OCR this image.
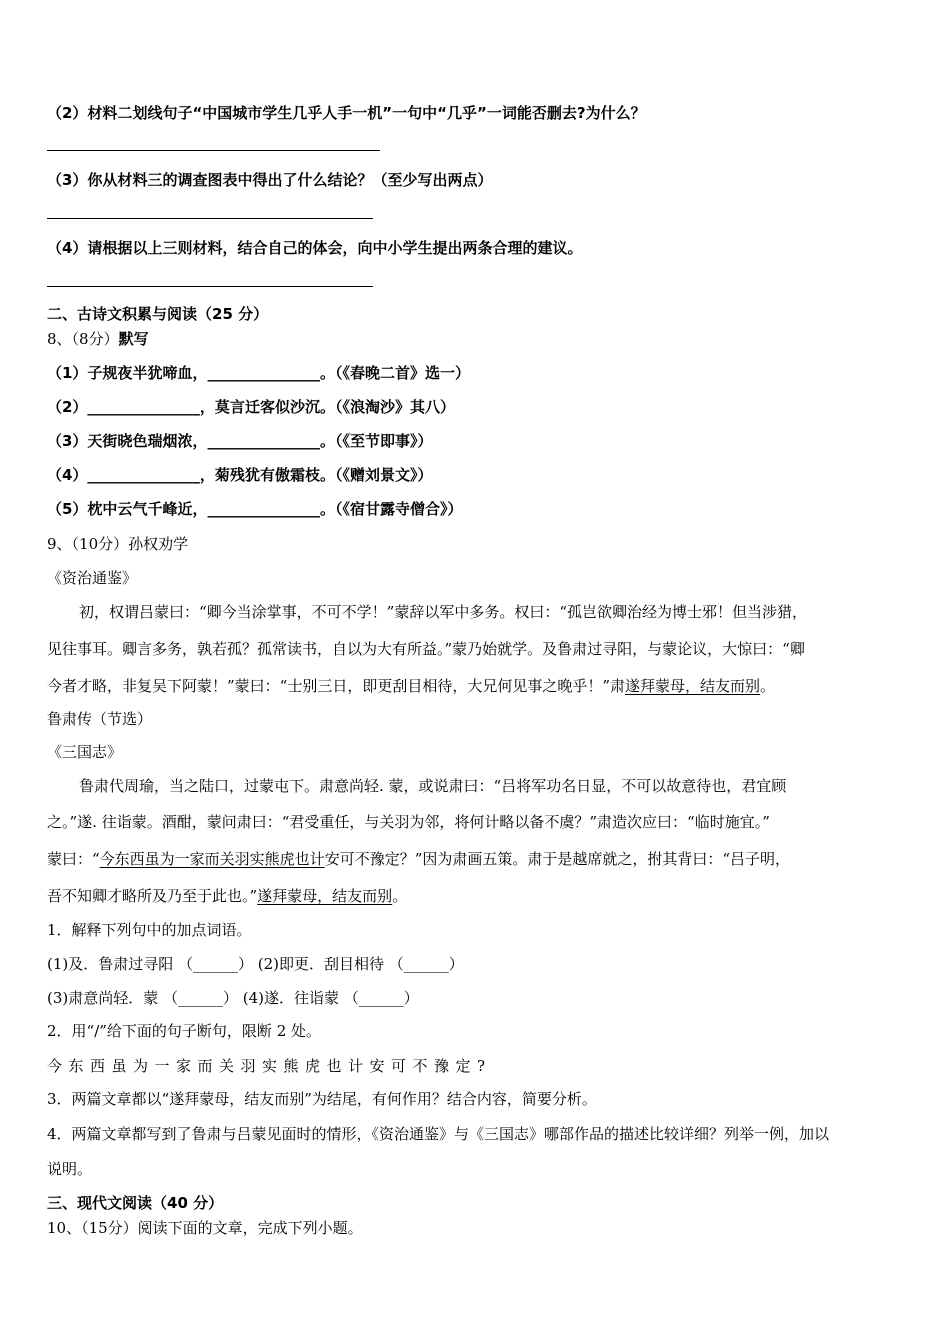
（2）材料二划线句子“中国城市学生几乎人手一机”一句中“几乎”一词能否删去?为什么？
（3）你从材料三的调查图表中得出了什么结论？（至少写出两点）
（4）请根据以上三则材料，结合自己的体会，向中小学生提出两条合理的建议。
二、古诗文积累与阅读（25 分）
8、（8分）默写
（1）子规夜半犹啼血，_______________。（《春晚二首》选一）
（2）_______________，莫言迁客似沙沉。（《浪淘沙》其八）
（3）天街晓色瑞烟浓，_______________。（《至节即事》）
（4）_______________，菊残犹有傲霜枝。（《赠刘景文》）
（5）枕中云气千峰近，_______________。（《宿甘露寺僧合》）
9、（10分）孙权劝学
《资治通鉴》
初，权谓吕蒙曰：“卿今当涂掌事，不可不学！”蒙辞以军中多务。权曰：“孤岂欲卿治经为博士邪！但当涉猎，
见往事耳。卿言多务，孰若孤？孤常读书，自以为大有所益。”蒙乃始就学。及鲁肃过寻阳，与蒙论议，大惊曰：“卿
今者才略，非复吴下阿蒙！”蒙曰：“士别三日，即更刮目相待，大兄何见事之晚乎！”肃遂拜蒙母，结友而别。
鲁肃传（节选）
《三国志》
鲁肃代周瑜，当之陆口，过蒙屯下。肃意尚轻. 蒙，或说肃曰：“吕将军功名日显，不可以故意待也，君宜顾
之。”遂. 往诣蒙。酒酣，蒙问肃曰：“君受重任，与关羽为邻，将何计略以备不虞？”肃造次应曰：“临时施宜。”
蒙曰：“今东西虽为一家而关羽实熊虎也计安可不豫定？”因为肃画五策。肃于是越席就之，拊其背曰：“吕子明，
吾不知卿才略所及乃至于此也。”遂拜蒙母，结友而别。
1．解释下列句中的加点词语。
(1)及．鲁肃过寻阳 （______） (2)即更．刮目相待 （______）
(3)肃意尚轻．蒙 （______） (4)遂．往诣蒙 （______）
2．用“/”给下面的句子断句，限断 2 处。
今东西虽为一家而关羽实熊虎也计安可不豫定?
3．两篇文章都以“遂拜蒙母，结友而别”为结尾，有何作用？结合内容，简要分析。
4．两篇文章都写到了鲁肃与吕蒙见面时的情形，《资治通鉴》与《三国志》哪部作品的描述比较详细？列举一例，加以
说明。
三、现代文阅读（40 分）
10、（15分）阅读下面的文章，完成下列小题。
